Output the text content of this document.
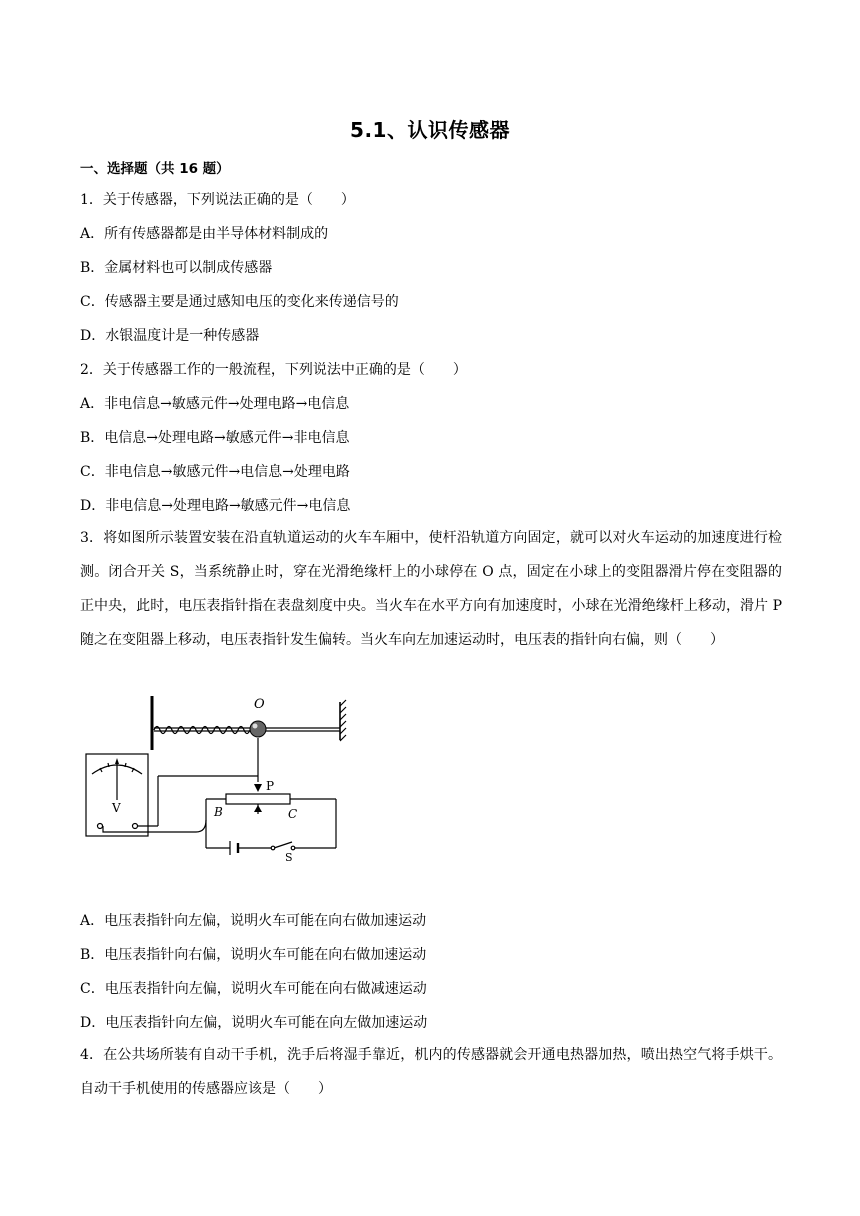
5.1、认识传感器
一、选择题（共 16 题）
1．关于传感器，下列说法正确的是（　　）
A．所有传感器都是由半导体材料制成的
B．金属材料也可以制成传感器
C．传感器主要是通过感知电压的变化来传递信号的
D．水银温度计是一种传感器
2．关于传感器工作的一般流程，下列说法中正确的是（　　）
A．非电信息→敏感元件→处理电路→电信息
B．电信息→处理电路→敏感元件→非电信息
C．非电信息→敏感元件→电信息→处理电路
D．非电信息→处理电路→敏感元件→电信息
3．将如图所示装置安装在沿直轨道运动的火车车厢中，使杆沿轨道方向固定，就可以对火车运动的加速度进行检测。闭合开关 S，当系统静止时，穿在光滑绝缘杆上的小球停在 O 点，固定在小球上的变阻器滑片停在变阻器的正中央，此时，电压表指针指在表盘刻度中央。当火车在水平方向有加速度时，小球在光滑绝缘杆上移动，滑片 P 随之在变阻器上移动，电压表指针发生偏转。当火车向左加速运动时，电压表的指针向右偏，则（　　）
O
P
B	C
V
S
A．电压表指针向左偏，说明火车可能在向右做加速运动
B．电压表指针向右偏，说明火车可能在向右做加速运动
C．电压表指针向左偏，说明火车可能在向右做减速运动
D．电压表指针向左偏，说明火车可能在向左做加速运动
4．在公共场所装有自动干手机，洗手后将湿手靠近，机内的传感器就会开通电热器加热，喷出热空气将手烘干。自动干手机使用的传感器应该是（　　）
